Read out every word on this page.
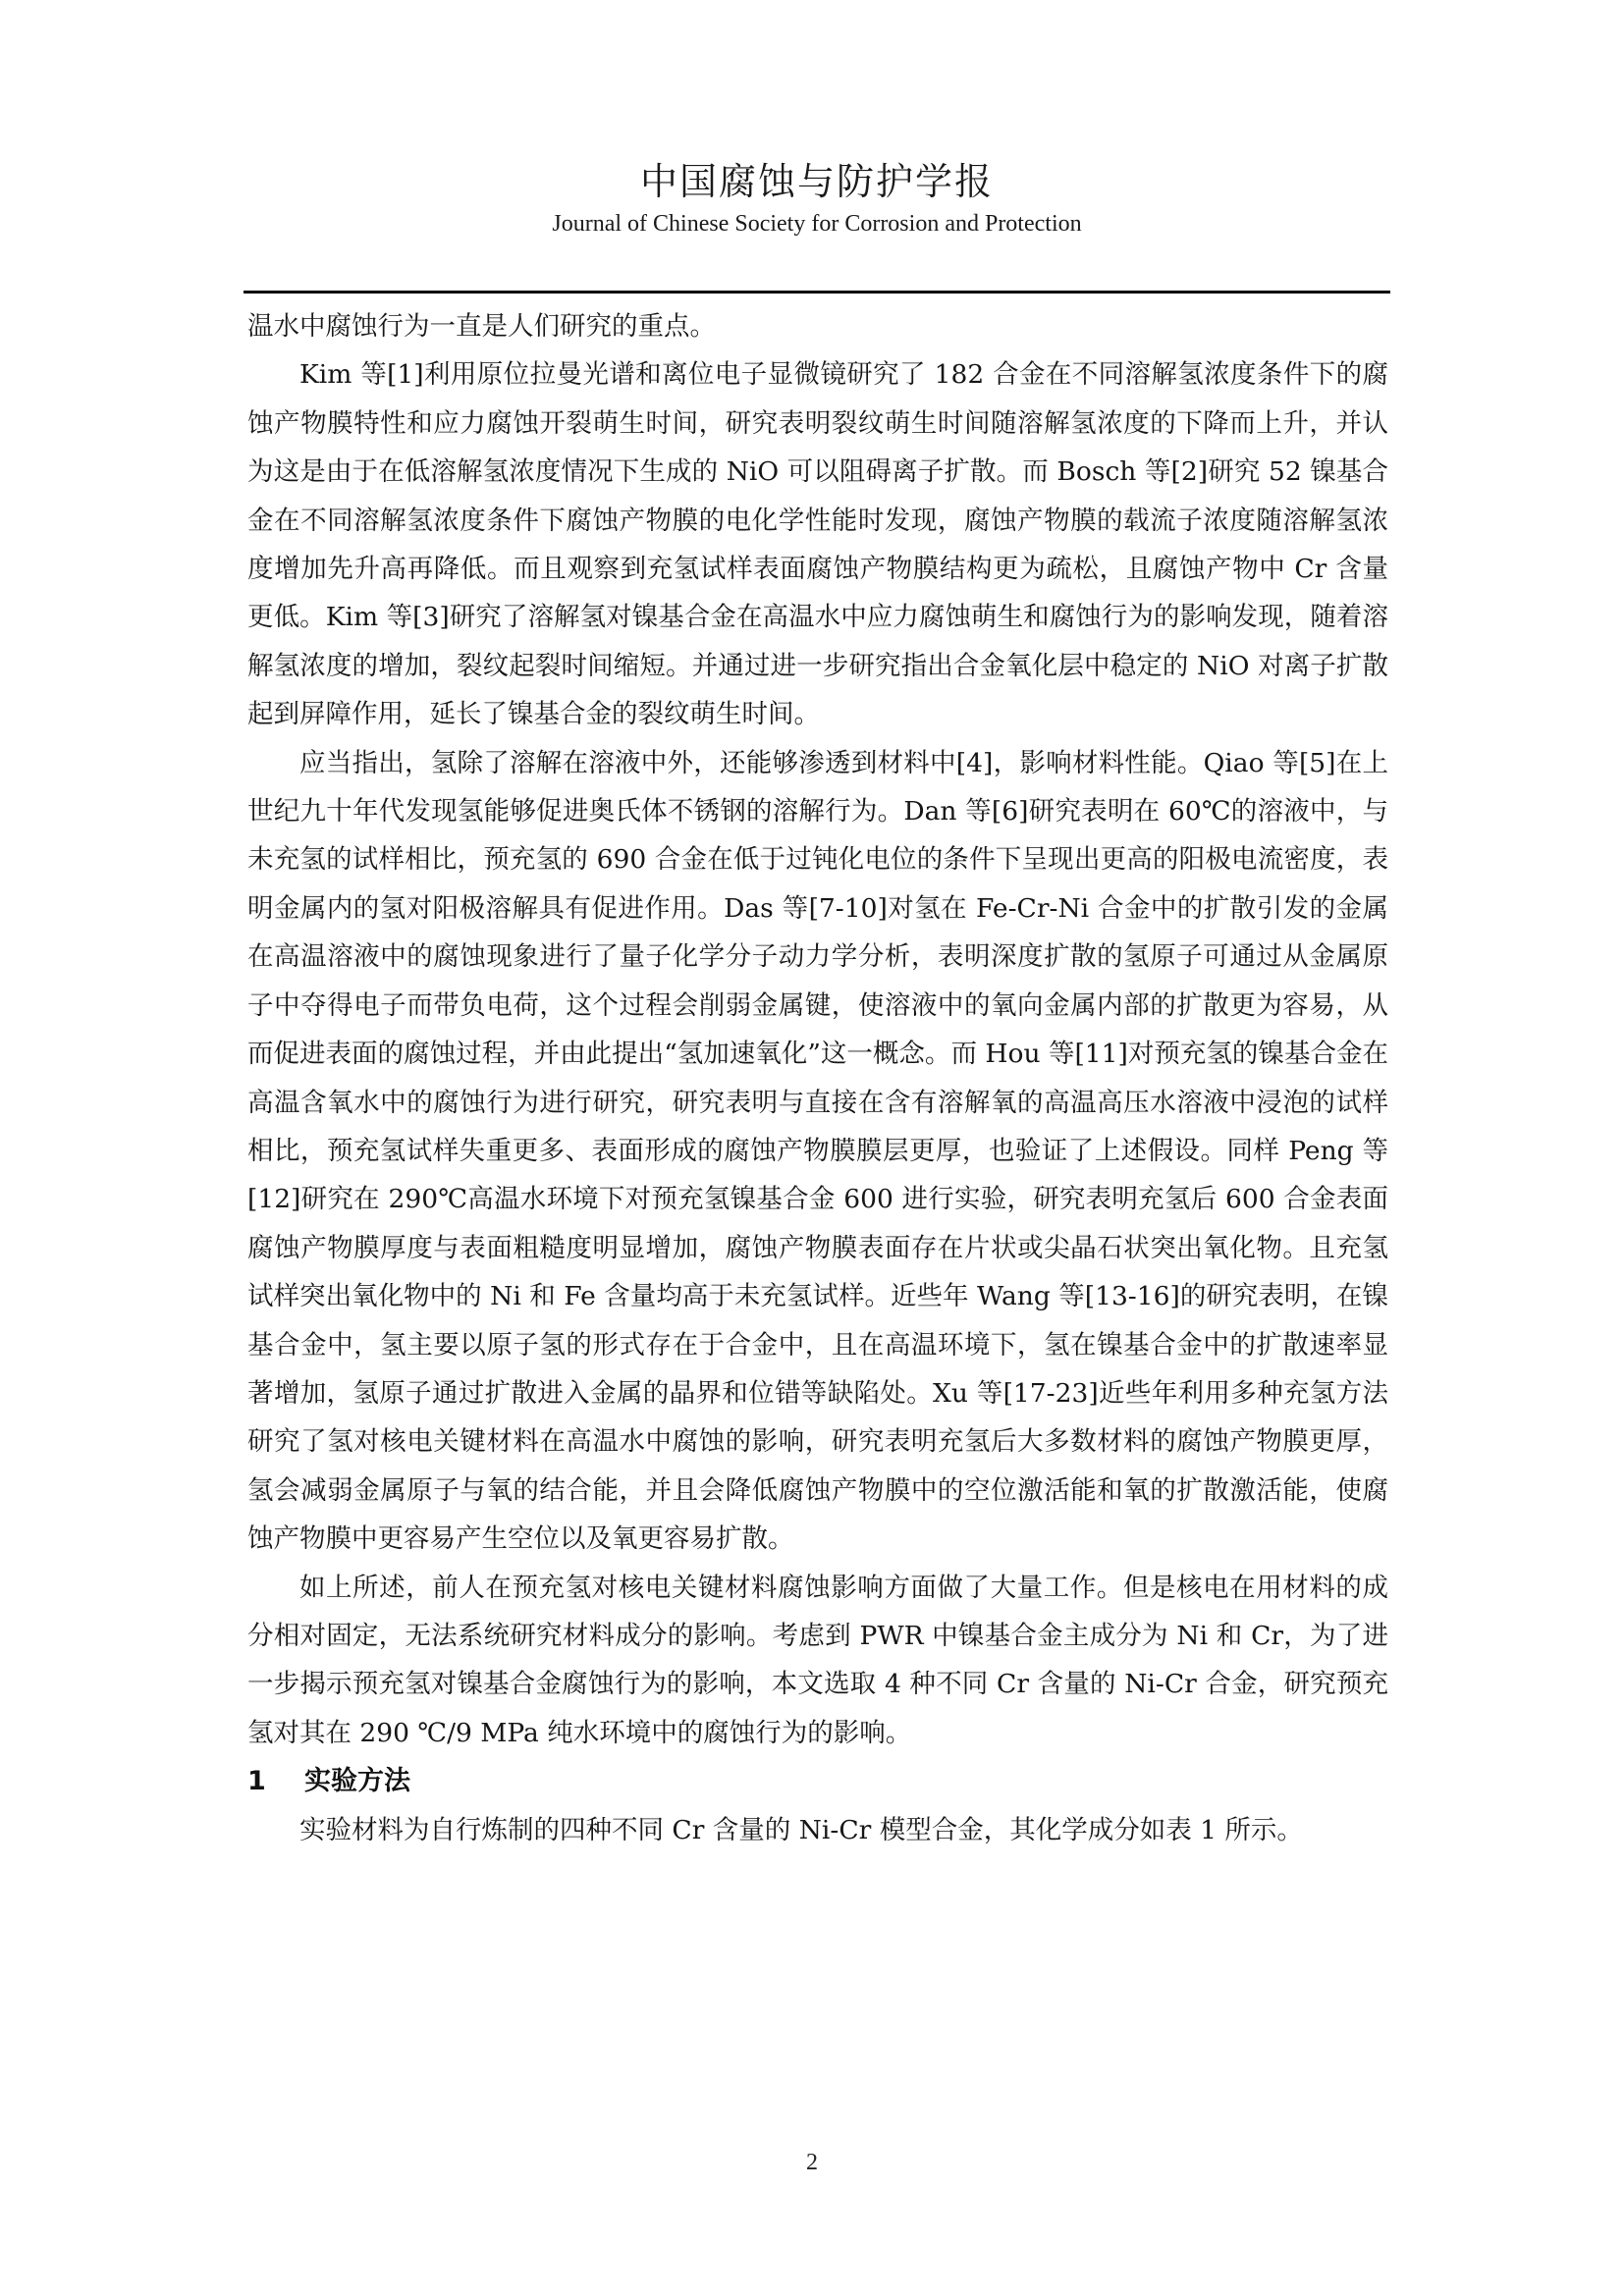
中国腐蚀与防护学报
Journal of Chinese Society for Corrosion and Protection

温水中腐蚀行为一直是人们研究的重点。

Kim 等[1]利用原位拉曼光谱和离位电子显微镜研究了 182 合金在不同溶解氢浓度条件下的腐蚀产物膜特性和应力腐蚀开裂萌生时间，研究表明裂纹萌生时间随溶解氢浓度的下降而上升，并认为这是由于在低溶解氢浓度情况下生成的 NiO 可以阻碍离子扩散。而 Bosch 等[2]研究 52 镍基合金在不同溶解氢浓度条件下腐蚀产物膜的电化学性能时发现，腐蚀产物膜的载流子浓度随溶解氢浓度增加先升高再降低。而且观察到充氢试样表面腐蚀产物膜结构更为疏松，且腐蚀产物中 Cr 含量更低。Kim 等[3]研究了溶解氢对镍基合金在高温水中应力腐蚀萌生和腐蚀行为的影响发现，随着溶解氢浓度的增加，裂纹起裂时间缩短。并通过进一步研究指出合金氧化层中稳定的 NiO 对离子扩散起到屏障作用，延长了镍基合金的裂纹萌生时间。

应当指出，氢除了溶解在溶液中外，还能够渗透到材料中[4]，影响材料性能。Qiao 等[5]在上世纪九十年代发现氢能够促进奥氏体不锈钢的溶解行为。Dan 等[6]研究表明在 60℃的溶液中，与未充氢的试样相比，预充氢的 690 合金在低于过钝化电位的条件下呈现出更高的阳极电流密度，表明金属内的氢对阳极溶解具有促进作用。Das 等[7-10]对氢在 Fe-Cr-Ni 合金中的扩散引发的金属在高温溶液中的腐蚀现象进行了量子化学分子动力学分析，表明深度扩散的氢原子可通过从金属原子中夺得电子而带负电荷，这个过程会削弱金属键，使溶液中的氧向金属内部的扩散更为容易，从而促进表面的腐蚀过程，并由此提出“氢加速氧化”这一概念。而 Hou 等[11]对预充氢的镍基合金在高温含氧水中的腐蚀行为进行研究，研究表明与直接在含有溶解氧的高温高压水溶液中浸泡的试样相比，预充氢试样失重更多、表面形成的腐蚀产物膜膜层更厚，也验证了上述假设。同样 Peng 等[12]研究在 290℃高温水环境下对预充氢镍基合金 600 进行实验，研究表明充氢后 600 合金表面腐蚀产物膜厚度与表面粗糙度明显增加，腐蚀产物膜表面存在片状或尖晶石状突出氧化物。且充氢试样突出氧化物中的 Ni 和 Fe 含量均高于未充氢试样。近些年 Wang 等[13-16]的研究表明，在镍基合金中，氢主要以原子氢的形式存在于合金中，且在高温环境下，氢在镍基合金中的扩散速率显著增加，氢原子通过扩散进入金属的晶界和位错等缺陷处。Xu 等[17-23]近些年利用多种充氢方法研究了氢对核电关键材料在高温水中腐蚀的影响，研究表明充氢后大多数材料的腐蚀产物膜更厚，氢会减弱金属原子与氧的结合能，并且会降低腐蚀产物膜中的空位激活能和氧的扩散激活能，使腐蚀产物膜中更容易产生空位以及氧更容易扩散。

如上所述，前人在预充氢对核电关键材料腐蚀影响方面做了大量工作。但是核电在用材料的成分相对固定，无法系统研究材料成分的影响。考虑到 PWR 中镍基合金主成分为 Ni 和 Cr，为了进一步揭示预充氢对镍基合金腐蚀行为的影响，本文选取 4 种不同 Cr 含量的 Ni-Cr 合金，研究预充氢对其在 290 ℃/9 MPa 纯水环境中的腐蚀行为的影响。

1 实验方法

实验材料为自行炼制的四种不同 Cr 含量的 Ni-Cr 模型合金，其化学成分如表 1 所示。

2
